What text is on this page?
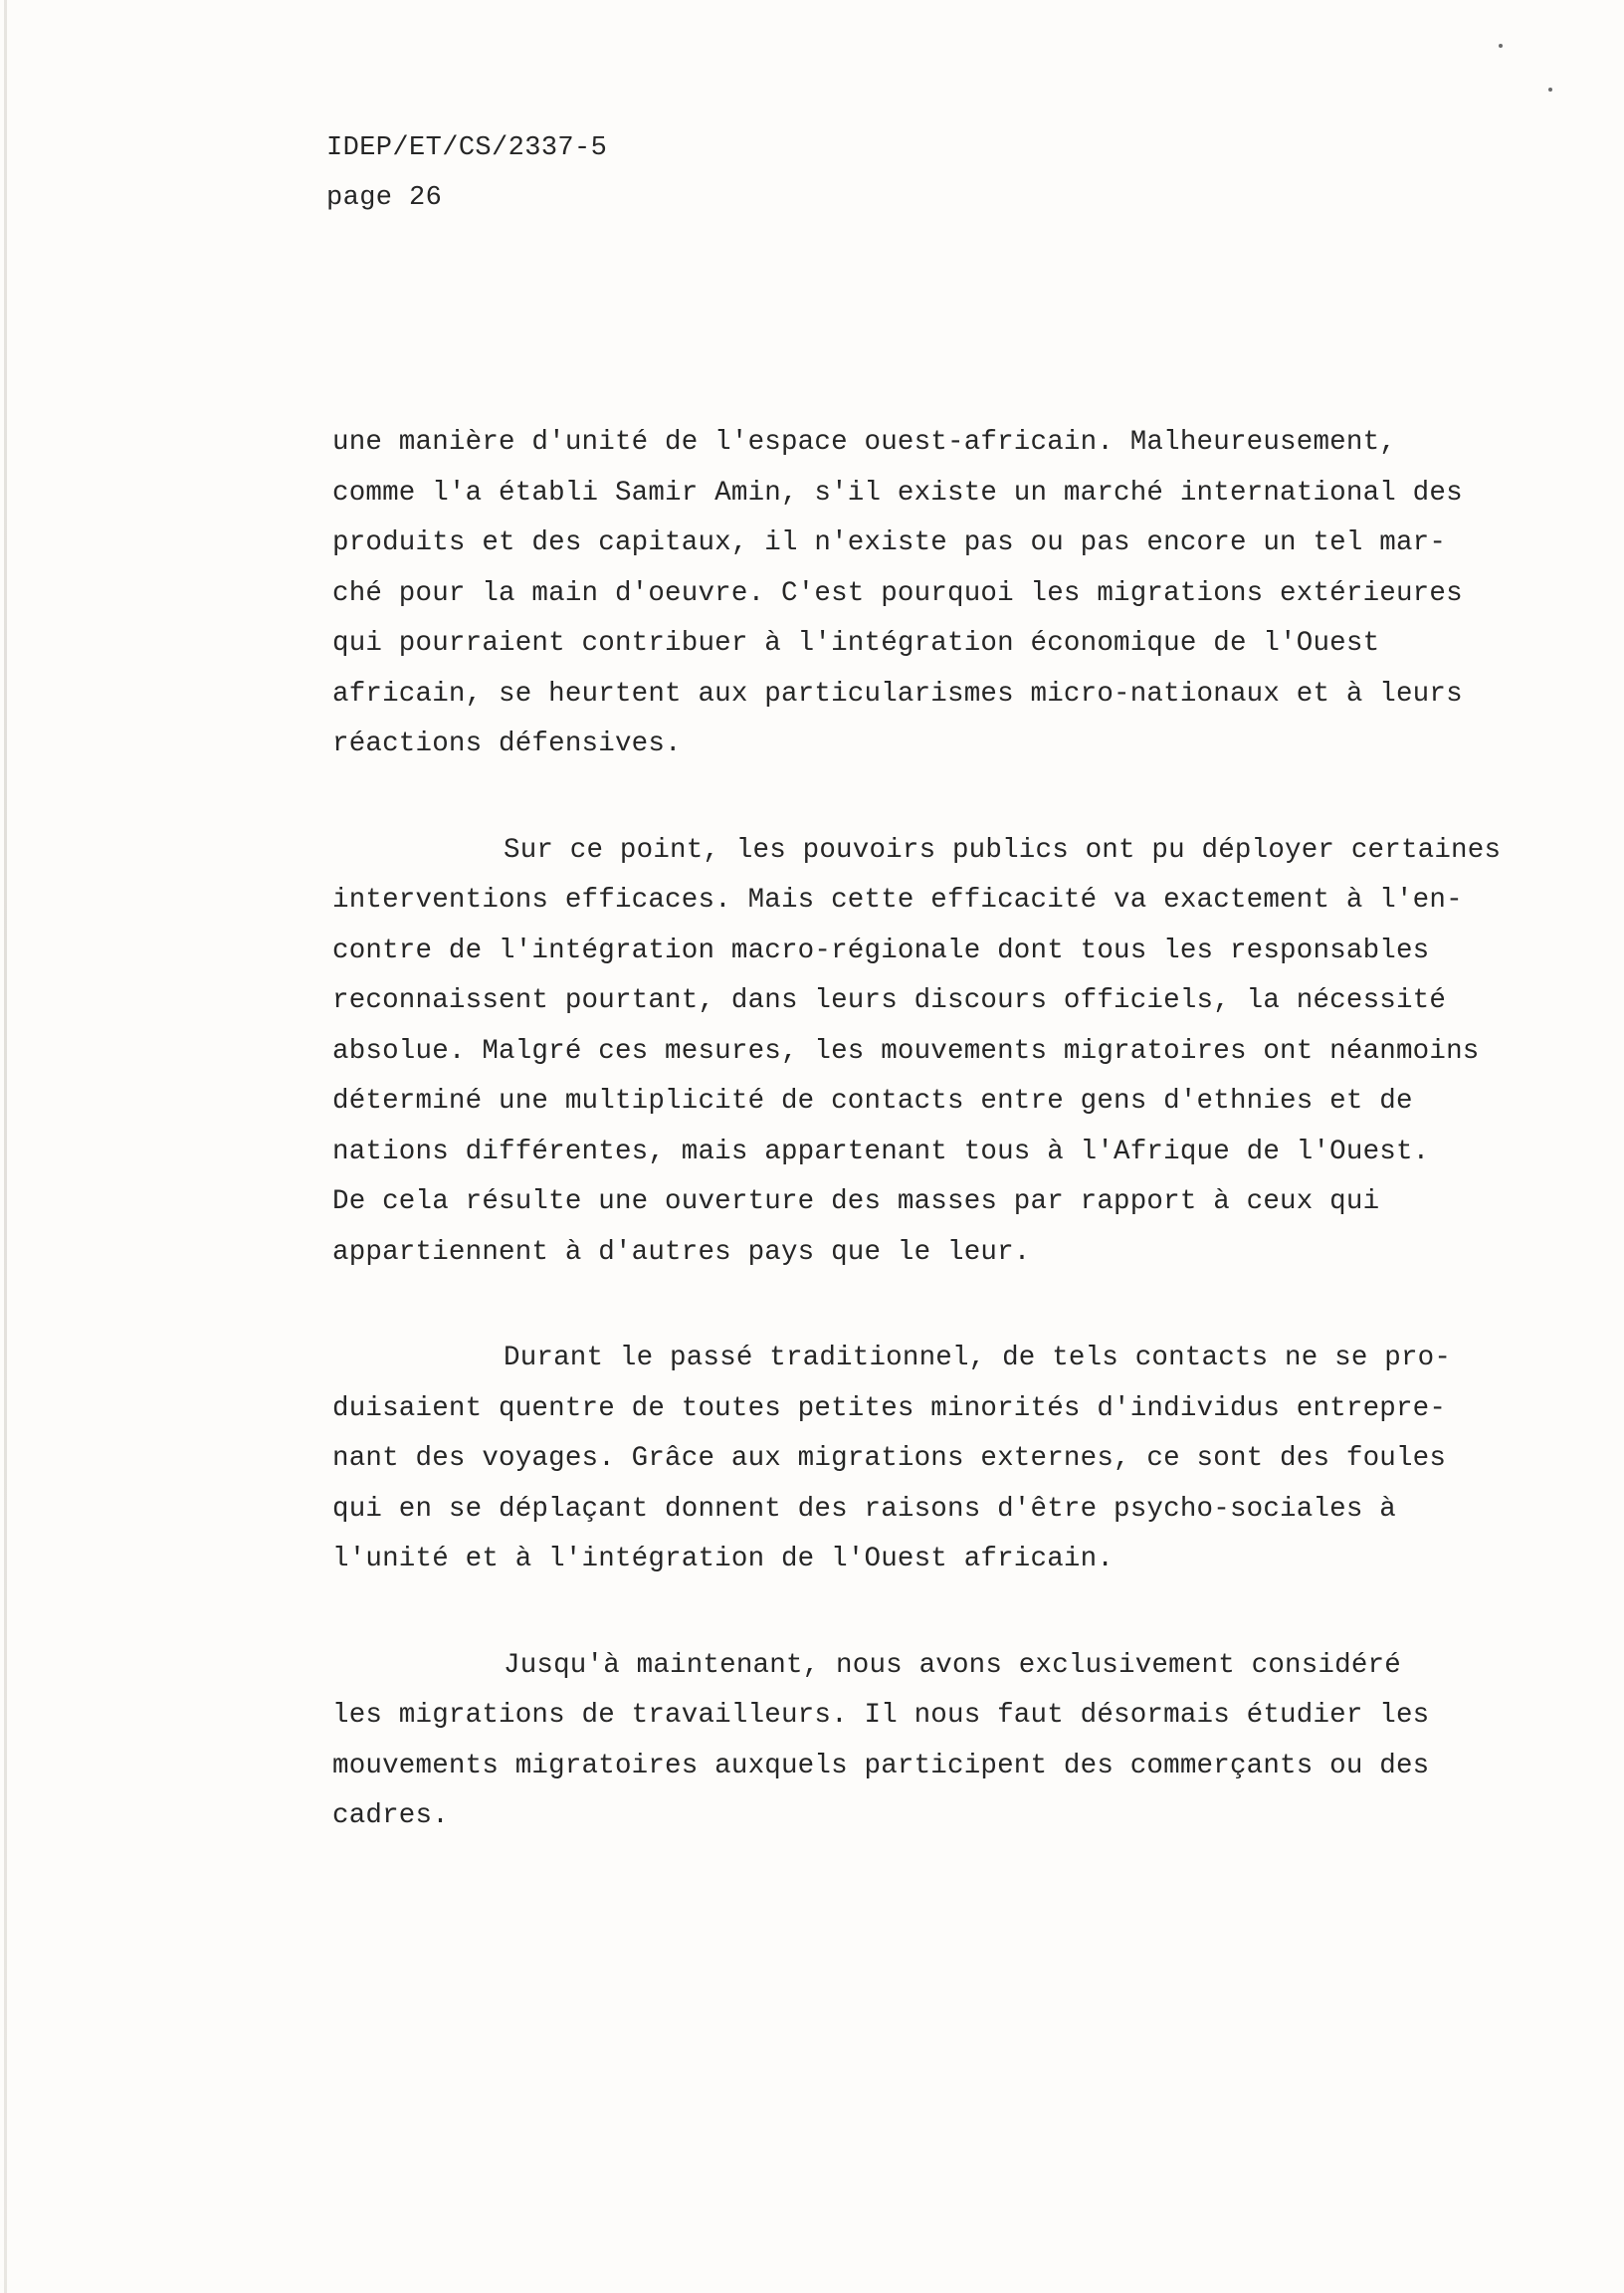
IDEP/ET/CS/2337-5
page 26
une manière d'unité de l'espace ouest-africain. Malheureusement,
comme l'a établi Samir Amin, s'il existe un marché international des
produits et des capitaux, il n'existe pas ou pas encore un tel mar-
ché pour la main d'oeuvre. C'est pourquoi les migrations extérieures
qui pourraient contribuer à l'intégration économique de l'Ouest
africain, se heurtent aux particularismes micro-nationaux et à leurs
réactions défensives.
Sur ce point, les pouvoirs publics ont pu déployer certaines
interventions efficaces. Mais cette efficacité va exactement à l'en-
contre de l'intégration macro-régionale dont tous les responsables
reconnaissent pourtant, dans leurs discours officiels, la nécessité
absolue. Malgré ces mesures, les mouvements migratoires ont néanmoins
déterminé une multiplicité de contacts entre gens d'ethnies et de
nations différentes, mais appartenant tous à l'Afrique de l'Ouest.
De cela résulte une ouverture des masses par rapport à ceux qui
appartiennent à d'autres pays que le leur.
Durant le passé traditionnel, de tels contacts ne se pro-
duisaient quentre de toutes petites minorités d'individus entrepre-
nant des voyages. Grâce aux migrations externes, ce sont des foules
qui en se déplaçant donnent des raisons d'être psycho-sociales à
l'unité et à l'intégration de l'Ouest africain.
Jusqu'à maintenant, nous avons exclusivement considéré
les migrations de travailleurs. Il nous faut désormais étudier les
mouvements migratoires auxquels participent des commerçants ou des
cadres.
